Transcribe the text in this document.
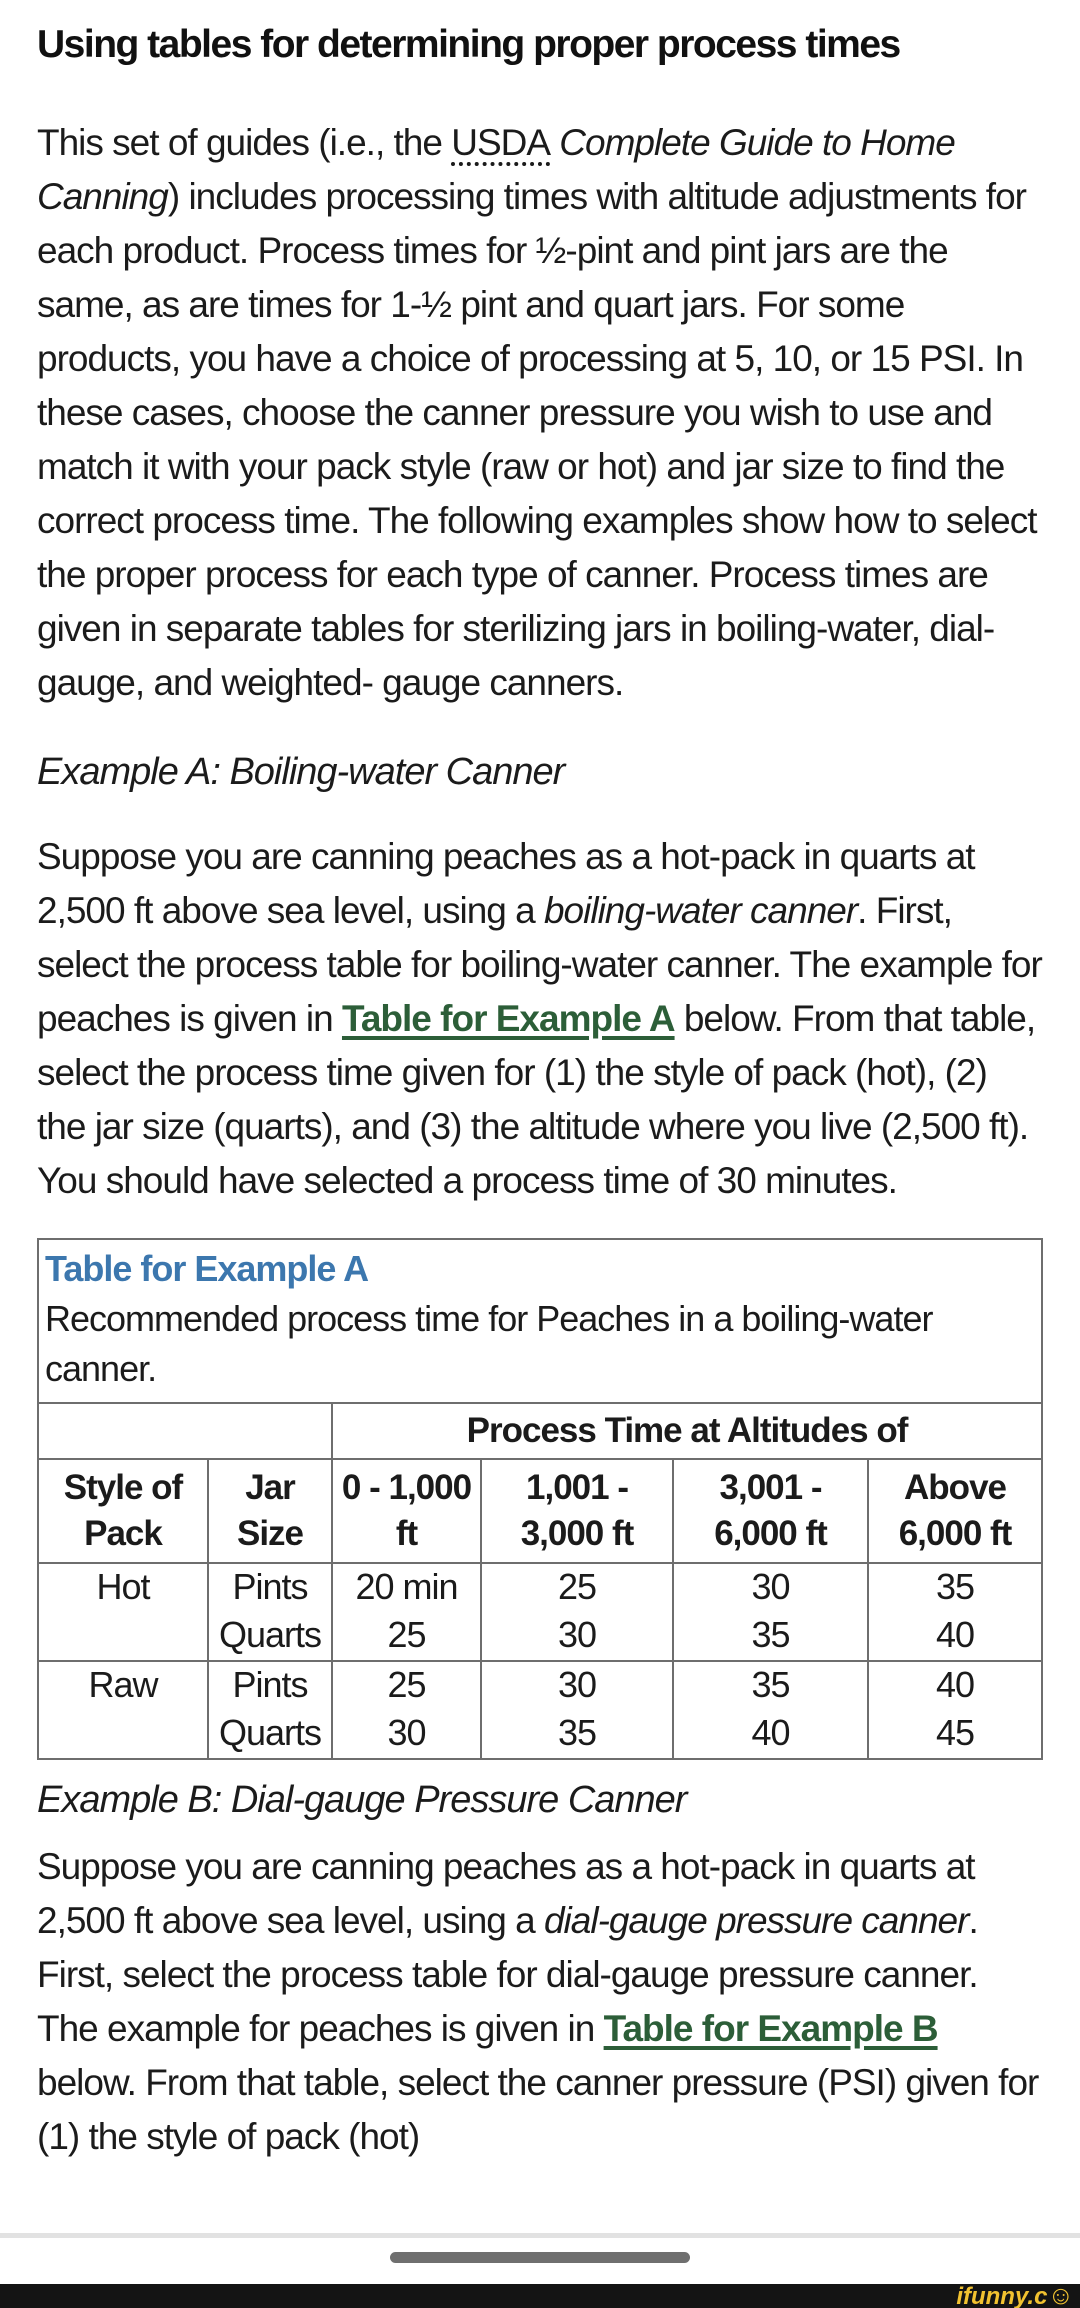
Using tables for determining proper process times

This set of guides (i.e., the USDA Complete Guide to Home Canning) includes processing times with altitude adjustments for each product. Process times for ½-pint and pint jars are the same, as are times for 1-½ pint and quart jars. For some products, you have a choice of processing at 5, 10, or 15 PSI. In these cases, choose the canner pressure you wish to use and match it with your pack style (raw or hot) and jar size to find the correct process time. The following examples show how to select the proper process for each type of canner. Process times are given in separate tables for sterilizing jars in boiling-water, dial-gauge, and weighted- gauge canners.

Example A: Boiling-water Canner

Suppose you are canning peaches as a hot-pack in quarts at 2,500 ft above sea level, using a boiling-water canner. First, select the process table for boiling-water canner. The example for peaches is given in Table for Example A below. From that table, select the process time given for (1) the style of pack (hot), (2) the jar size (quarts), and (3) the altitude where you live (2,500 ft). You should have selected a process time of 30 minutes.

Table for Example A
Recommended process time for Peaches in a boiling-water canner.					

		Process Time at Altitudes of			
Style of Pack	Jar Size	0 - 1,000 ft	1,001 - 3,000 ft	3,001 - 6,000 ft	Above 6,000 ft
Hot	Pints	20 min	25	30	35
	Quarts	25	30	35	40
Raw	Pints	25	30	35	40
	Quarts	30	35	40	45
Example B: Dial-gauge Pressure Canner

Suppose you are canning peaches as a hot-pack in quarts at 2,500 ft above sea level, using a dial-gauge pressure canner. First, select the process table for dial-gauge pressure canner. The example for peaches is given in Table for Example B below. From that table, select the canner pressure (PSI) given for (1) the style of pack (hot)

ifunny.c☺
